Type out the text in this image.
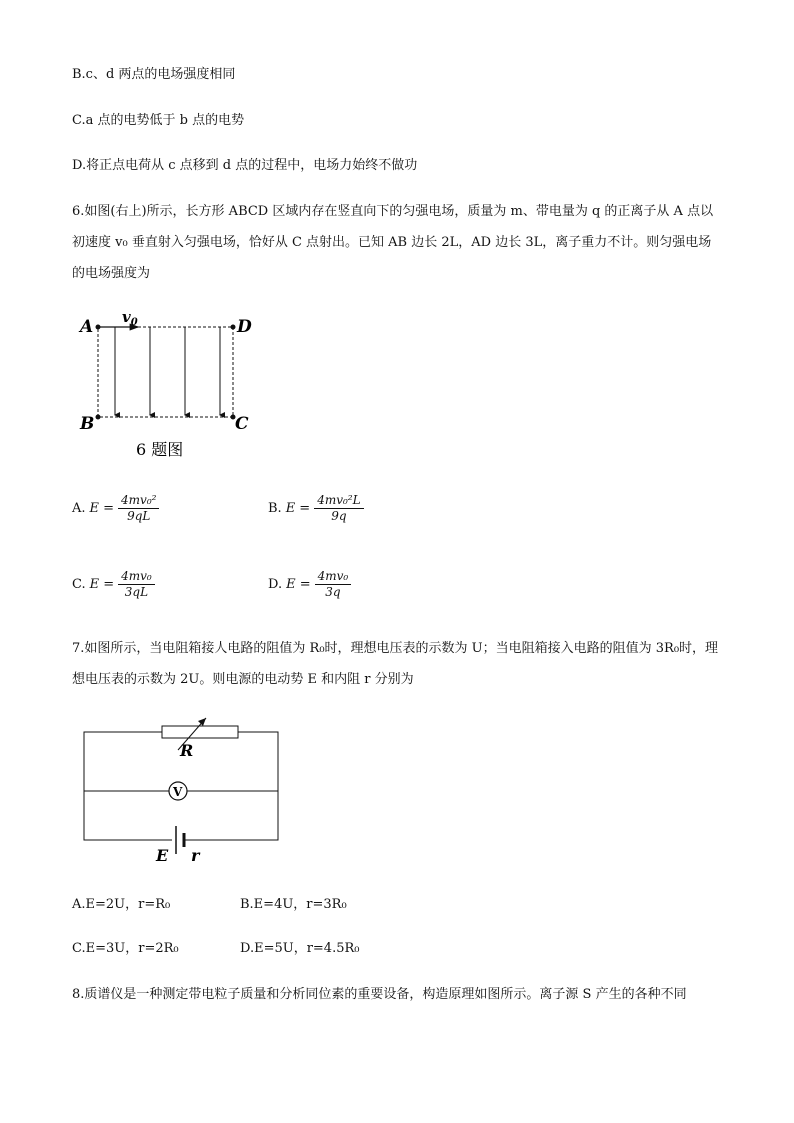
B.c、d 两点的电场强度相同
C.a 点的电势低于 b 点的电势
D.将正点电荷从 c 点移到 d 点的过程中，电场力始终不做功
6.如图(右上)所示，长方形 ABCD 区域内存在竖直向下的匀强电场，质量为 m、带电量为 q 的正离子从 A 点以初速度 v₀ 垂直射入匀强电场，恰好从 C 点射出。已知 AB 边长 2L，AD 边长 3L，离子重力不计。则匀强电场的电场强度为
A	D
B	C
$v_0$
6 题图
A. $E = \frac{\text{4mv₀²}}{9qL}$	B. $E = \frac{\text{4mv₀²L}}{9q}$
C. $E = \frac{\text{4mv₀}}{3qL}$	D. $E = \frac{\text{4mv₀}}{3q}$
7.如图所示，当电阻箱接人电路的阻值为 R₀时，理想电压表的示数为 U；当电阻箱接入电路的阻值为 3R₀时，理想电压表的示数为 2U。则电源的电动势 E 和内阻 r 分别为
R
V
E r
A.E=2U，r=R₀	B.E=4U，r=3R₀
C.E=3U，r=2R₀	D.E=5U，r=4.5R₀
8.质谱仪是一种测定带电粒子质量和分析同位素的重要设备，构造原理如图所示。离子源 S 产生的各种不同
